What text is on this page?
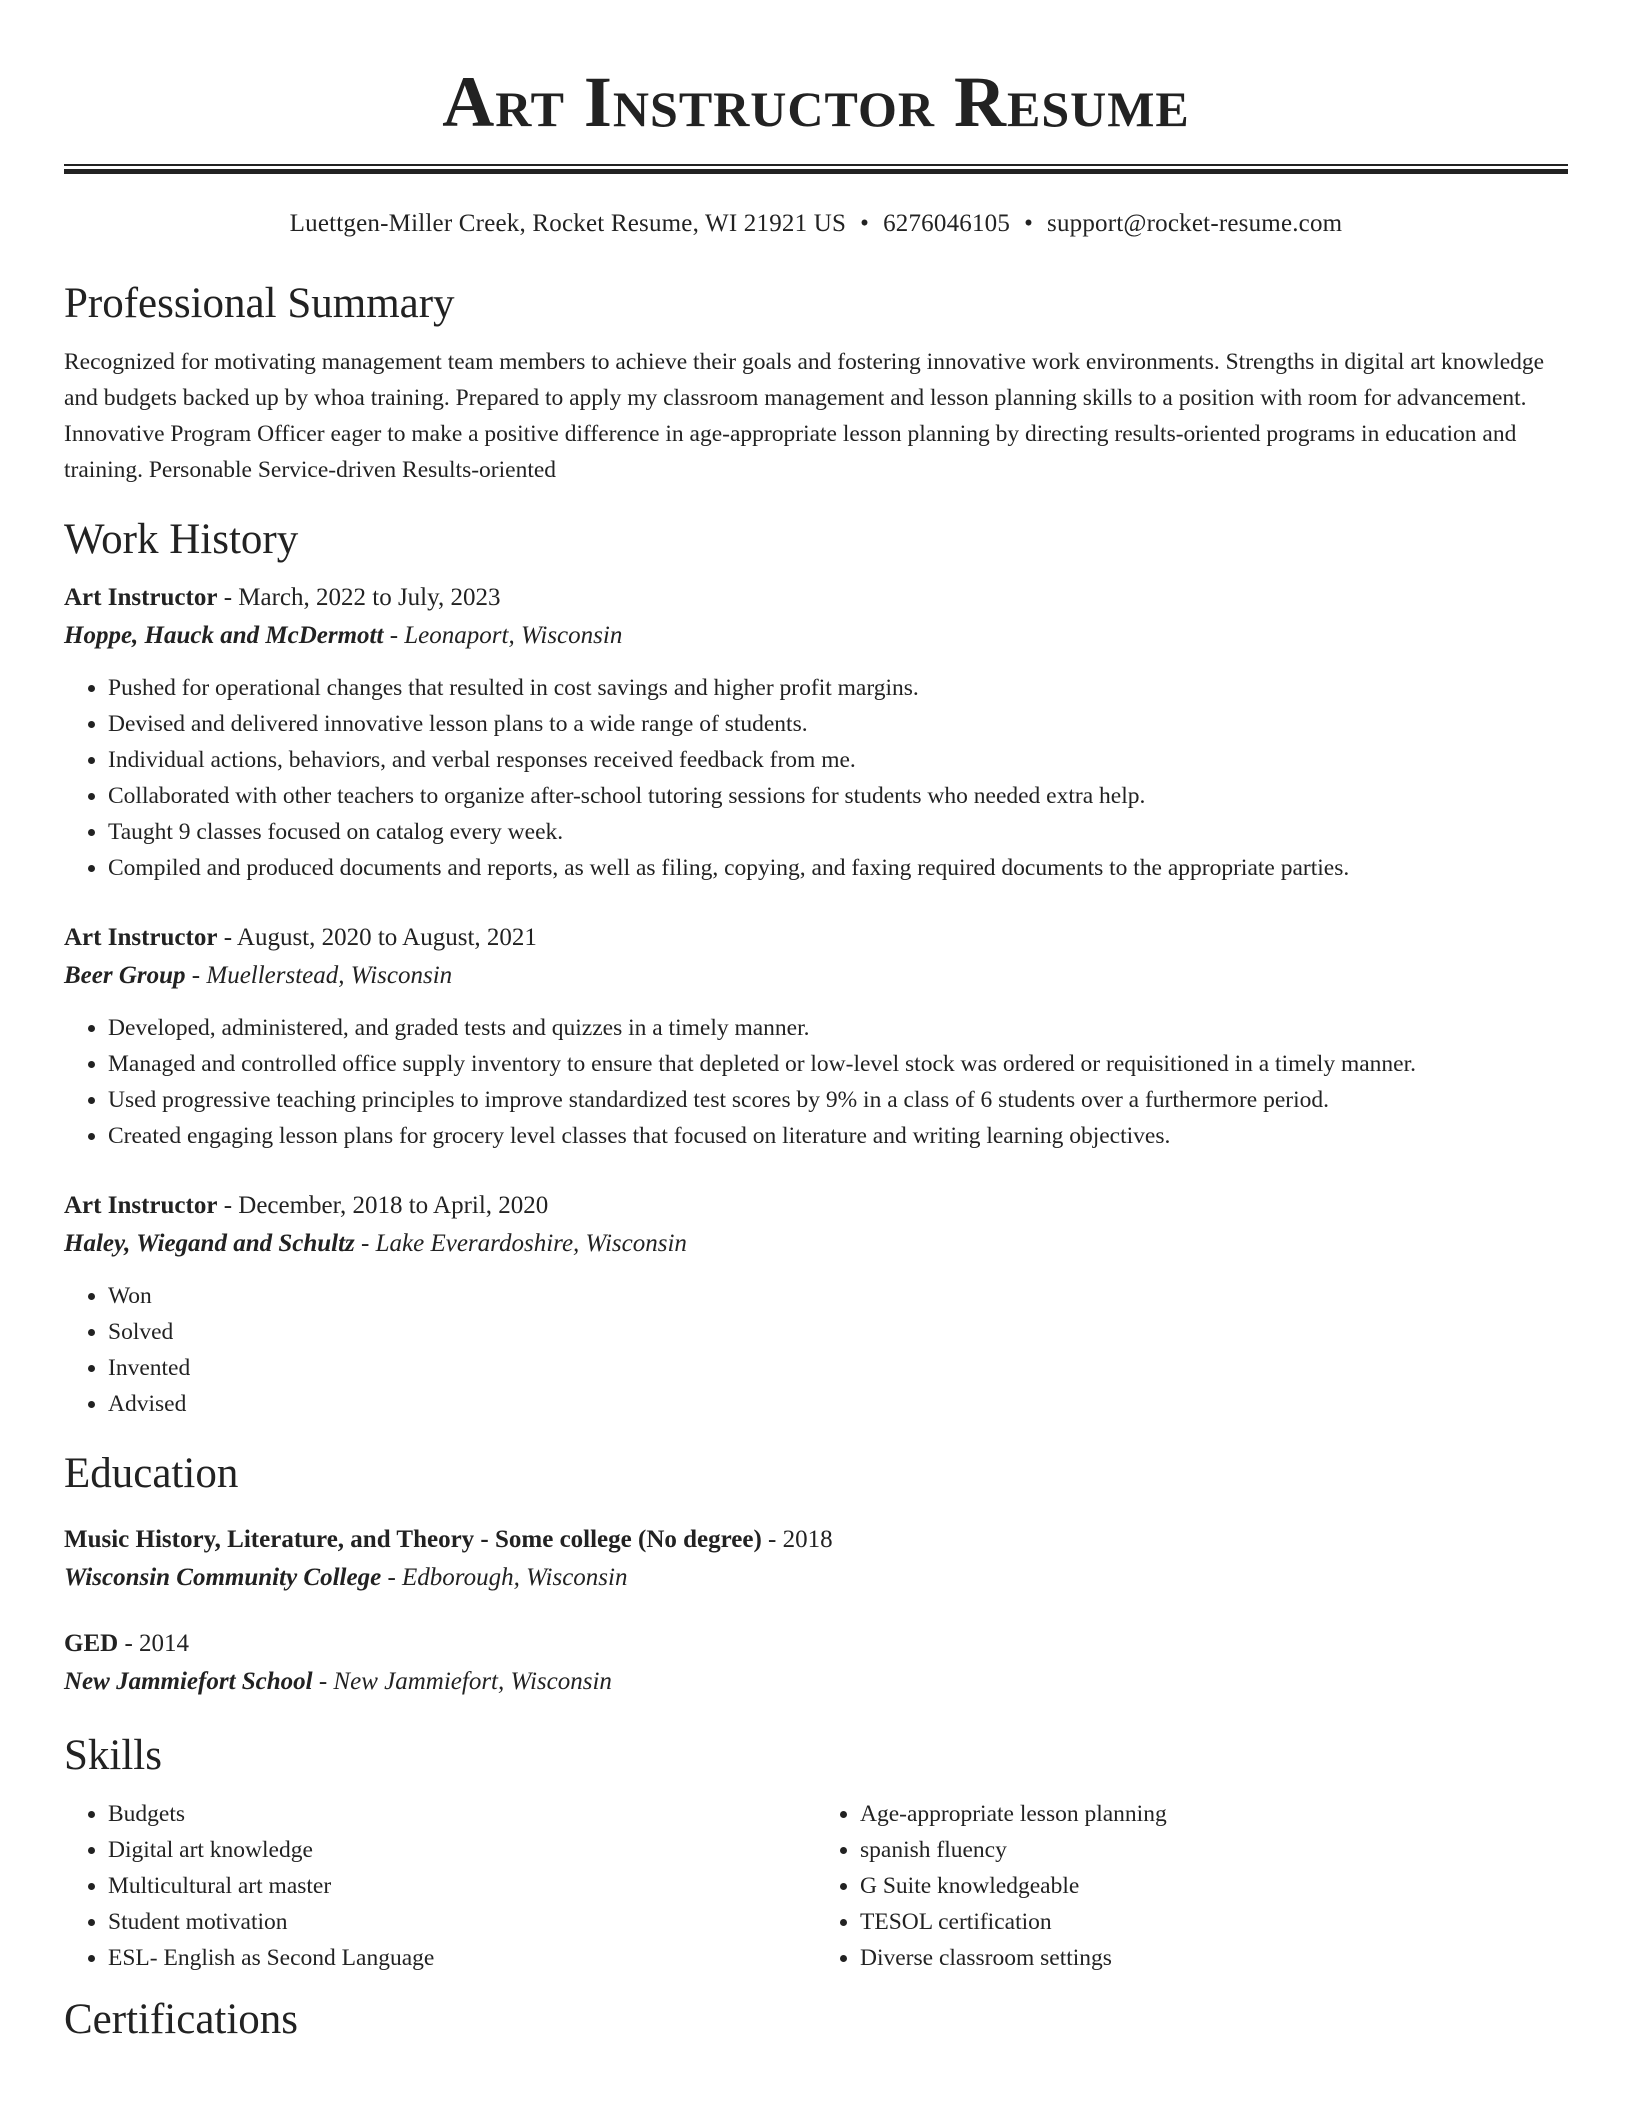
Art Instructor Resume
Luettgen-Miller Creek, Rocket Resume, WI 21921 US • 6276046105 • support@rocket-resume.com
Professional Summary

Recognized for motivating management team members to achieve their goals and fostering innovative work environments. Strengths in digital art knowledge and budgets backed up by whoa training. Prepared to apply my classroom management and lesson planning skills to a position with room for advancement. Innovative Program Officer eager to make a positive difference in age-appropriate lesson planning by directing results-oriented programs in education and training. Personable Service-driven Results-oriented

Work History
Art Instructor - March, 2022 to July, 2023
Hoppe, Hauck and McDermott - Leonaport, Wisconsin
• Pushed for operational changes that resulted in cost savings and higher profit margins.
• Devised and delivered innovative lesson plans to a wide range of students.
• Individual actions, behaviors, and verbal responses received feedback from me.
• Collaborated with other teachers to organize after-school tutoring sessions for students who needed extra help.
• Taught 9 classes focused on catalog every week.
• Compiled and produced documents and reports, as well as filing, copying, and faxing required documents to the appropriate parties.
Art Instructor - August, 2020 to August, 2021
Beer Group - Muellerstead, Wisconsin
• Developed, administered, and graded tests and quizzes in a timely manner.
• Managed and controlled office supply inventory to ensure that depleted or low-level stock was ordered or requisitioned in a timely manner.
• Used progressive teaching principles to improve standardized test scores by 9% in a class of 6 students over a furthermore period.
• Created engaging lesson plans for grocery level classes that focused on literature and writing learning objectives.
Art Instructor - December, 2018 to April, 2020
Haley, Wiegand and Schultz - Lake Everardoshire, Wisconsin
• Won
• Solved
• Invented
• Advised
Education
Music History, Literature, and Theory - Some college (No degree) - 2018
Wisconsin Community College - Edborough, Wisconsin
GED - 2014
New Jammiefort School - New Jammiefort, Wisconsin
Skills
• Budgets
• Digital art knowledge
• Multicultural art master
• Student motivation
• ESL- English as Second Language
• Age-appropriate lesson planning
• spanish fluency
• G Suite knowledgeable
• TESOL certification
• Diverse classroom settings
Certifications
